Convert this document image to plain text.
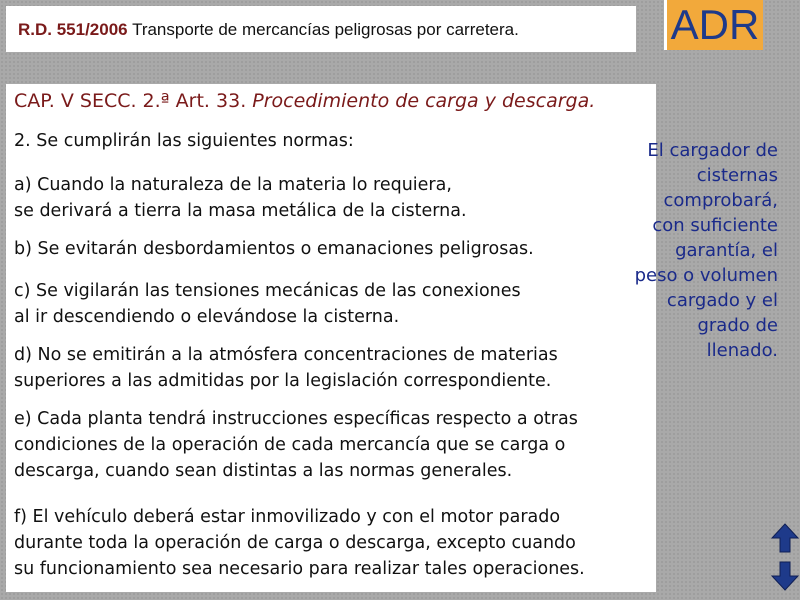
R.D. 551/2006 Transporte de mercancías peligrosas por carretera.	ADR
CAP. V SECC. 2.ª Art. 33. Procedimiento de carga y descarga.
2. Se cumplirán las siguientes normas:
a) Cuando la naturaleza de la materia lo requiera,
se derivará a tierra la masa metálica de la cisterna.
b) Se evitarán desbordamientos o emanaciones peligrosas.
c) Se vigilarán las tensiones mecánicas de las conexiones
al ir descendiendo o elevándose la cisterna.
d) No se emitirán a la atmósfera concentraciones de materias
superiores a las admitidas por la legislación correspondiente.
e) Cada planta tendrá instrucciones específicas respecto a otras
condiciones de la operación de cada mercancía que se carga o
descarga, cuando sean distintas a las normas generales.
f) El vehículo deberá estar inmovilizado y con el motor parado
durante toda la operación de carga o descarga, excepto cuando
su funcionamiento sea necesario para realizar tales operaciones.
El cargador de
cisternas
comprobará,
con suficiente
garantía, el
peso o volumen
cargado y el
grado de
llenado.
